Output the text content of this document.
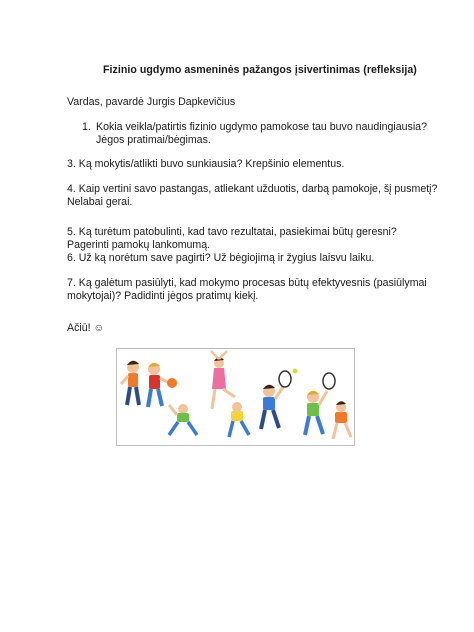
Fizinio ugdymo asmeninės pažangos įsivertinimas (refleksija)
Vardas, pavardė Jurgis Dapkevičius
1. Kokia veikla/patirtis fizinio ugdymo pamokose tau buvo naudingiausia?
Jėgos pratimai/bėgimas.
3. Ką mokytis/atlikti buvo sunkiausia? Krepšinio elementus.
4. Kaip vertini savo pastangas, atliekant užduotis, darbą pamokoje, šį pusmetį?
Nelabai gerai.
5. Ką turėtum patobulinti, kad tavo rezultatai, pasiekimai būtų geresni?
Pagerinti pamokų lankomumą.
6. Už ką norėtum save pagirti? Už bėgiojimą ir žygius laisvu laiku.
7. Ką galėtum pasiūlyti, kad mokymo procesas būtų efektyvesnis (pasiūlymai
mokytojai)? Padidinti jėgos pratimų kiekį.
Ačiū! ☺
